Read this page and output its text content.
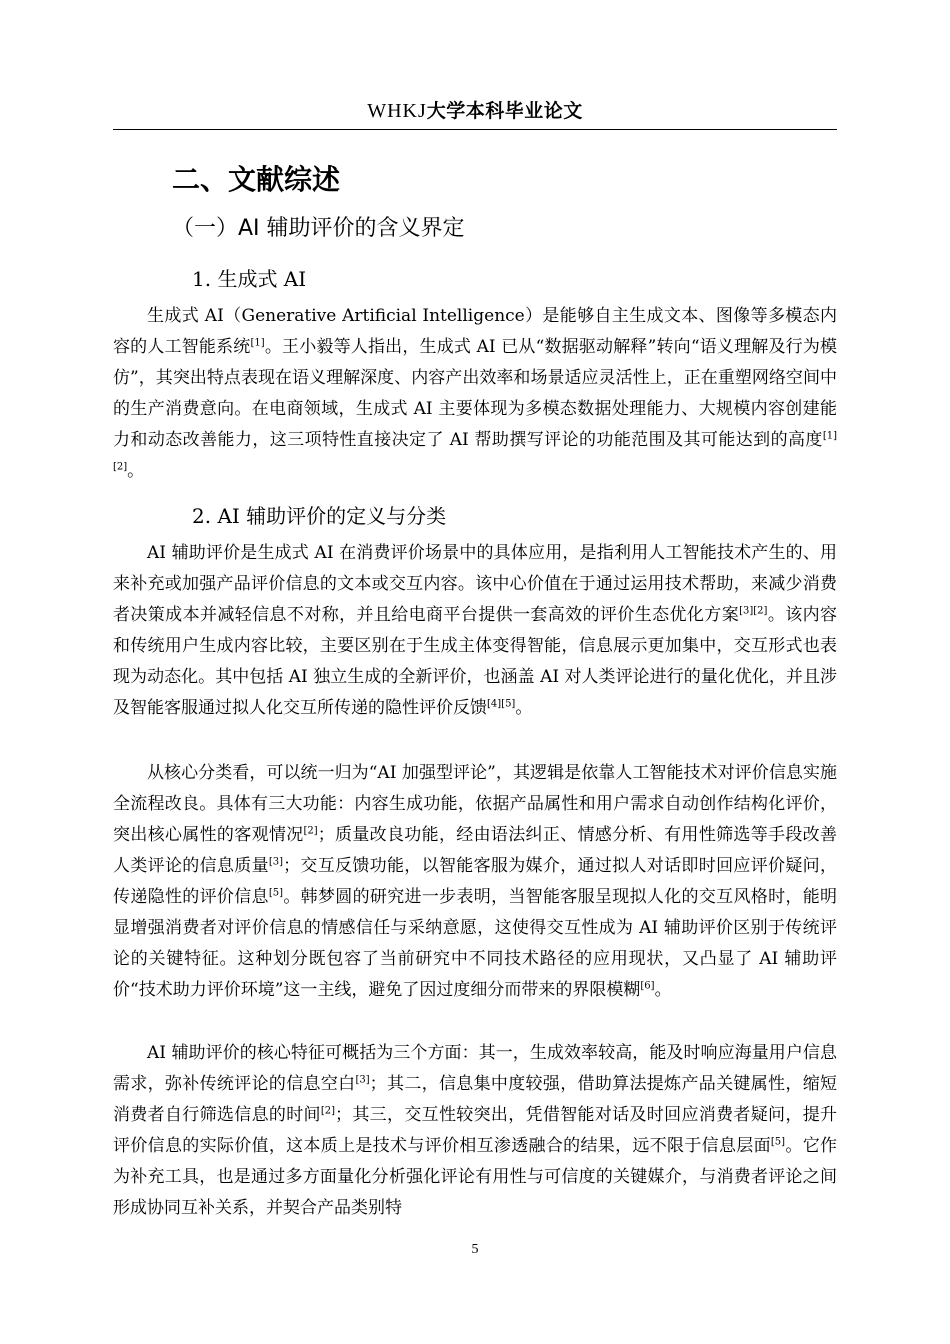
WHKJ大学本科毕业论文
二、文献综述
（一）AI 辅助评价的含义界定
1. 生成式 AI

生成式 AI（Generative Artificial Intelligence）是能够自主生成文本、图像等多模态内容的人工智能系统[1]。王小毅等人指出，生成式 AI 已从“数据驱动解释”转向“语义理解及行为模仿”，其突出特点表现在语义理解深度、内容产出效率和场景适应灵活性上，正在重塑网络空间中的生产消费意向。在电商领域，生成式 AI 主要体现为多模态数据处理能力、大规模内容创建能力和动态改善能力，这三项特性直接决定了 AI 帮助撰写评论的功能范围及其可能达到的高度[1][2]。

2. AI 辅助评价的定义与分类

AI 辅助评价是生成式 AI 在消费评价场景中的具体应用，是指利用人工智能技术产生的、用来补充或加强产品评价信息的文本或交互内容。该中心价值在于通过运用技术帮助，来减少消费者决策成本并减轻信息不对称，并且给电商平台提供一套高效的评价生态优化方案[3][2]。该内容和传统用户生成内容比较，主要区别在于生成主体变得智能，信息展示更加集中，交互形式也表现为动态化。其中包括 AI 独立生成的全新评价，也涵盖 AI 对人类评论进行的量化优化，并且涉及智能客服通过拟人化交互所传递的隐性评价反馈[4][5]。

从核心分类看，可以统一归为“AI 加强型评论”，其逻辑是依靠人工智能技术对评价信息实施全流程改良。具体有三大功能：内容生成功能，依据产品属性和用户需求自动创作结构化评价，突出核心属性的客观情况[2]；质量改良功能，经由语法纠正、情感分析、有用性筛选等手段改善人类评论的信息质量[3]；交互反馈功能，以智能客服为媒介，通过拟人对话即时回应评价疑问，传递隐性的评价信息[5]。韩梦圆的研究进一步表明，当智能客服呈现拟人化的交互风格时，能明显增强消费者对评价信息的情感信任与采纳意愿，这使得交互性成为 AI 辅助评价区别于传统评论的关键特征。这种划分既包容了当前研究中不同技术路径的应用现状，又凸显了 AI 辅助评价“技术助力评价环境”这一主线，避免了因过度细分而带来的界限模糊[6]。

AI 辅助评价的核心特征可概括为三个方面：其一，生成效率较高，能及时响应海量用户信息需求，弥补传统评论的信息空白[3]；其二，信息集中度较强，借助算法提炼产品关键属性，缩短消费者自行筛选信息的时间[2]；其三，交互性较突出，凭借智能对话及时回应消费者疑问，提升评价信息的实际价值，这本质上是技术与评价相互渗透融合的结果，远不限于信息层面[5]。它作为补充工具，也是通过多方面量化分析强化评论有用性与可信度的关键媒介，与消费者评论之间形成协同互补关系，并契合产品类别特

5
